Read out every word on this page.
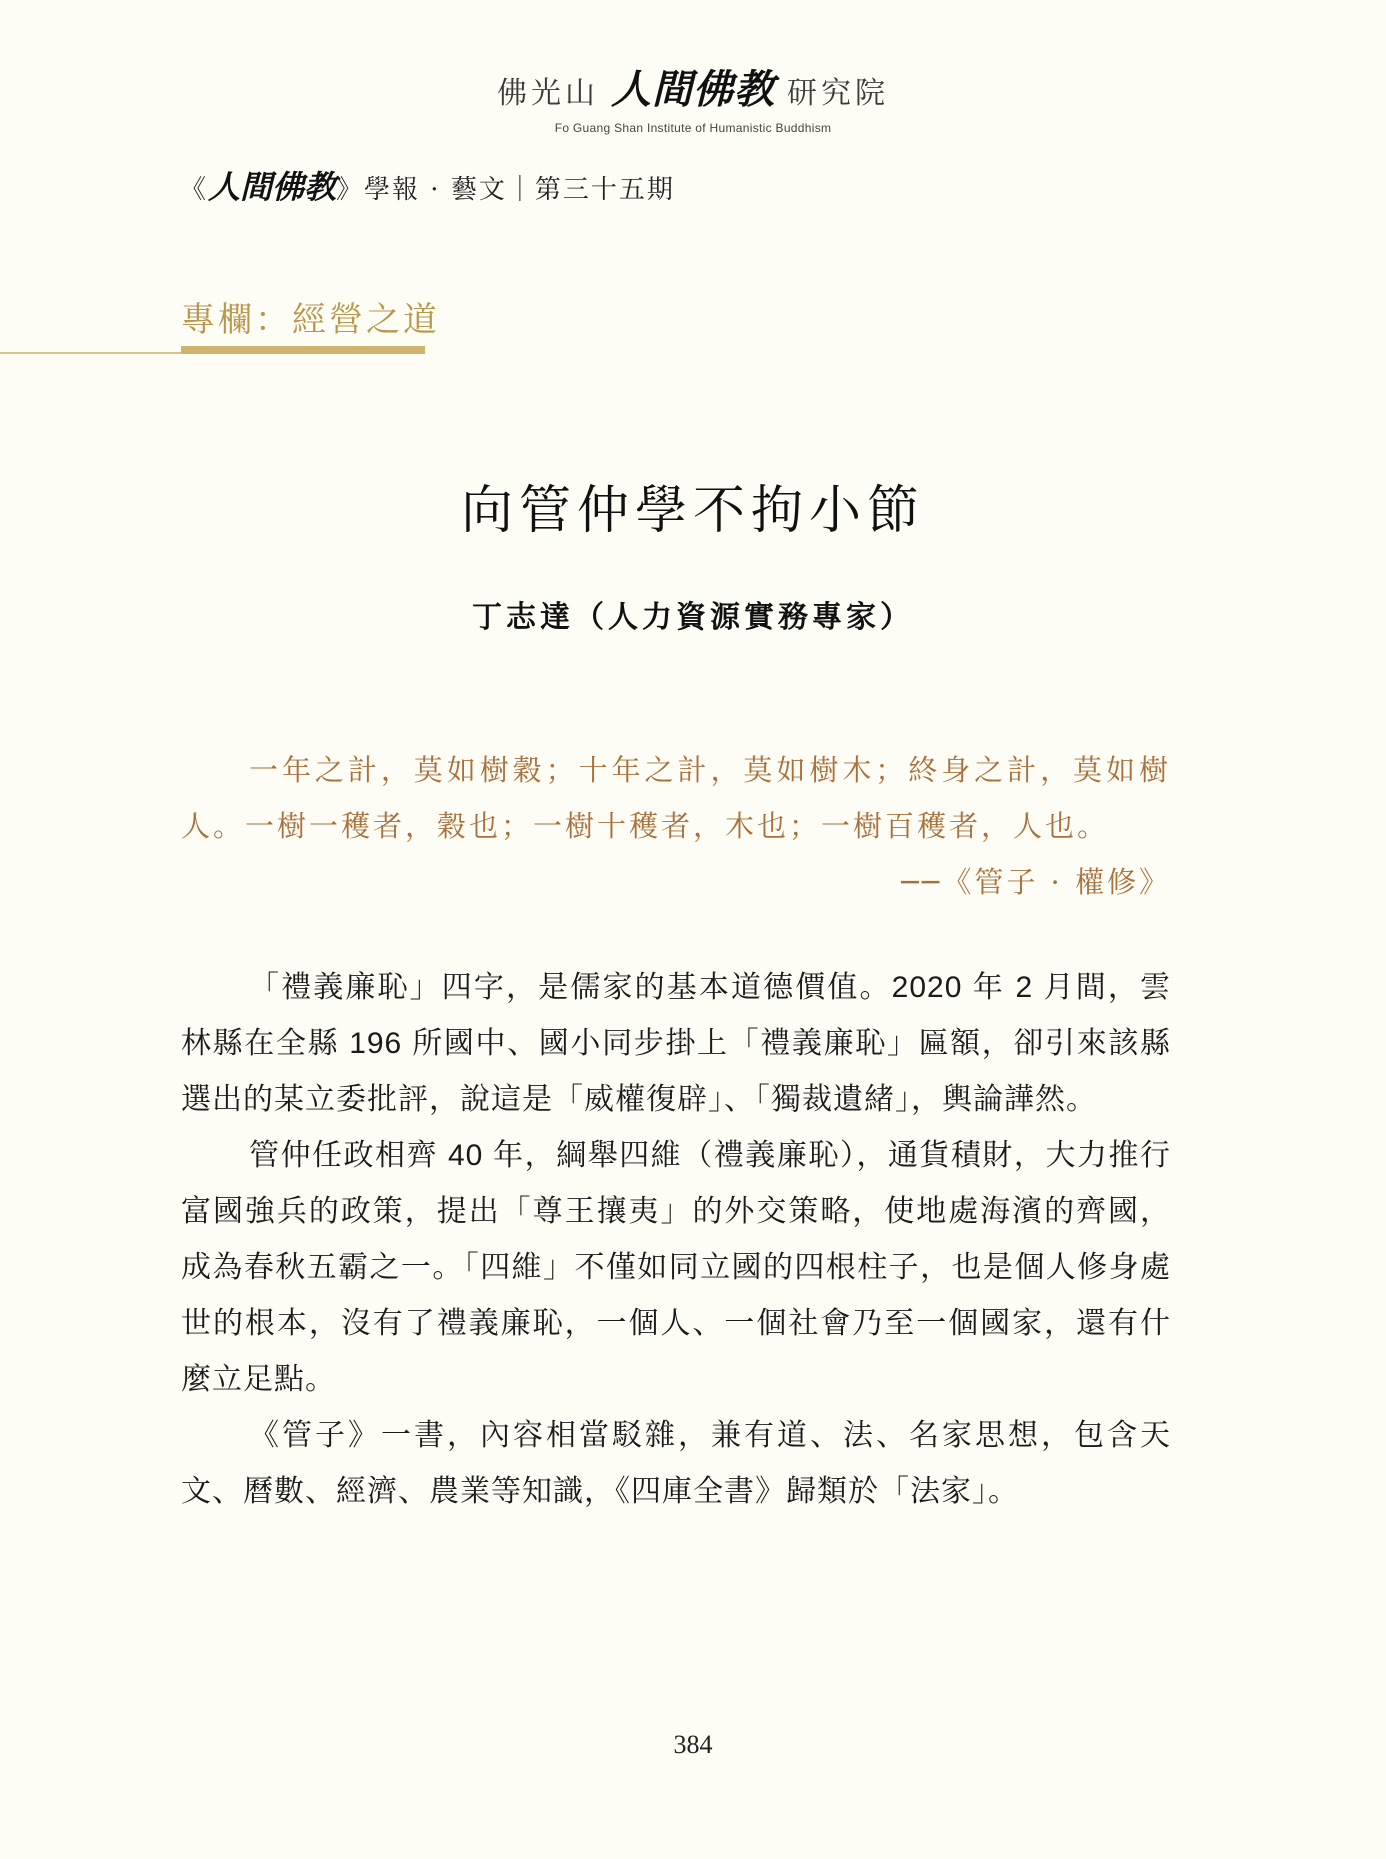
佛光山 人間佛教 研究院
Fo Guang Shan Institute of Humanistic Buddhism
《 人間佛教 》 學報 · 藝文｜第三十五期
專欄：經營之道
向管仲學不拘小節
丁志達（人力資源實務專家）
一年之計，莫如樹穀；十年之計，莫如樹木；終身之計，莫如樹人。一樹一穫者，穀也；一樹十穫者，木也；一樹百穫者，人也。
──《管子 · 權修》

「禮義廉恥」四字，是儒家的基本道德價值。2020 年 2 月間，雲林縣在全縣 196 所國中、國小同步掛上「禮義廉恥」匾額，卻引來該縣選出的某立委批評，說這是「威權復辟」、「獨裁遺緒」，輿論譁然。

管仲任政相齊 40 年，綱舉四維（禮義廉恥），通貨積財，大力推行富國強兵的政策，提出「尊王攘夷」的外交策略，使地處海濱的齊國，成為春秋五霸之一。「四維」不僅如同立國的四根柱子，也是個人修身處世的根本，沒有了禮義廉恥，一個人、一個社會乃至一個國家，還有什麼立足點。

《管子》一書，內容相當駁雜，兼有道、法、名家思想，包含天文、曆數、經濟、農業等知識，《四庫全書》歸類於「法家」。

384
